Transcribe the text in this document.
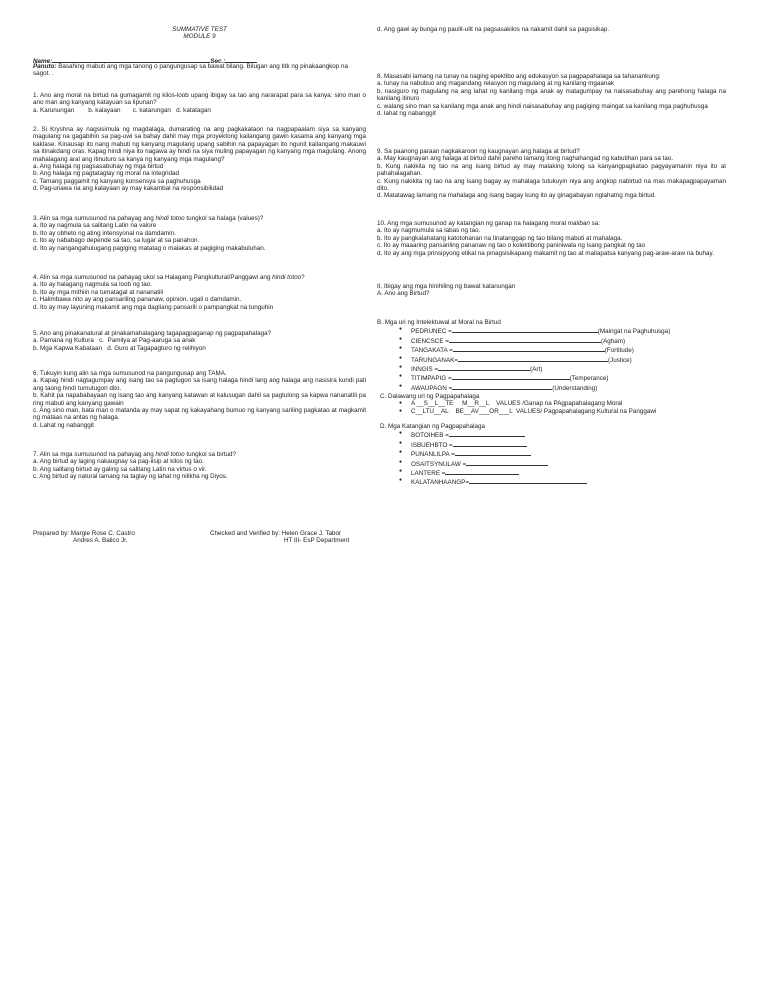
SUMMATIVE TEST
MODULE 9
Name:	Sec.:
Panuto: Basahing mabuti ang mga tanong o pangungusap sa bawat bilang. Bilugan ang titk ng pinakaangkop na sagot. .

1. Ano ang moral na birtud na gumagamit ng kilos-loob upang ibigay sa tao ang nararapat para sa kanya: sino man o ano man ang kanyang katayuan sa lipunan?

a. Karunungan        b. kalayaan       c. katarungan   d. katatagan

2. Si Kryshna ay nagsisimula ng magdalaga, dumarating na ang pagkakataon na nagpapaalam siya sa kanyang magulang na gagabihin sa pag-uwi sa bahay dahil may mga proyektong kailangang gawin kasama ang kanyang mga kaklase. Kinausap ito nang mabuti ng kanyang magulang upang sabihin na papayagan ito ngunit kailangang makauwi sa itinakdang oras. Kapag hindi niya ito nagawa ay hindi na siya muling papayagan ng kanyang mga magulang. Anong mahalagang aral ang itinuturo sa kanya ng kanyang mga magulang?

a. Ang halaga ng pagsasabuhay ng mga birtud

b. Ang halaga ng pagtataglay ng moral na integridad

c. Tamang paggamit ng kanyang konsensya sa paghuhusga

d. Pag-unawa na ang kalayaan ay may kakambal na responsibilidad

3. Alin sa mga sumusunod na pahayag ang hindi totoo tungkol sa halaga (values)?

a. Ito ay nagmula sa salitang Latin na valore

b. Ito ay obheto ng ating intensyonal na damdamin.

c. Ito ay nababago depende sa tao, sa lugar at sa panahon.

d. Ito ay nangangahulugang pagiging matatag o malakas at pagiging makabuluhan.

4. Alin sa mga sumusunod na pahayag ukol sa Halagang Pangkultural/Panggawi ang hindi totoo?

a. Ito ay halagang nagmula sa loob ng tao.

b. Ito ay mga mithiin na tumatagal at nananatili

c. Halimbawa nito ay ang pansariling pananaw, opinion, ugali o damdamin.

d. Ito ay may layuning makamit ang mga dagliang pansarili o pampangkat na tunguhin

5. Ano ang pinakanatural at pinakamahalagang tagapagpaganap ng pagpapahalaga?

a. Pamana ng Kultura   c.  Pamilya at Pag-aaruga sa anak

b. Mga Kapwa Kabataan   d. Guro at Tagapagturo ng relihiyon

6. Tukuyin kung alin sa mga sumusunod na pangungusap ang TAMA.

a. Kapag hindi nagtagumpay ang isang tao sa pagtugon sa isang halaga hindi lang ang halaga ang nasisira kundi pati ang taong hindi tumutugon dito.

b. Kahit pa napababayaan ng isang tao ang kanyang katawan at kalusugan dahil sa pagtulong sa kapwa nananatili pa ring mabuti ang kanyang gawain

c. Ang sino man, bata man o matanda ay may sapat ng kakayahang bumuo ng kanyang sariling pagkatao at magkamit ng mataas na antas ng halaga.

d. Lahat ng nabanggit

7. Alin sa mga sumusunod na pahayag ang hindi totoo tungkol sa birtud?

a. Ang birtud ay laging nakaugnay sa pag-iisip at kilos ng tao.

b. Ang salitang birtud ay galing sa salitang Latin na virtus o vir.

c. Ang birtud ay natural lamang na taglay ng lahat ng nilikha ng Diyos.

Prepared by: Margie Rose C. Castro
Andres A. Balico Jr.
Checked and Verified by: Helen Grace J. Tabor
HT III- EsP Department
d. Ang gawi ay bunga ng paulit-ulit na pagsasakilos na nakamit dahil sa pagsisikap.

8. Masasabi lamang na tunay na naging epektibo ang edukasyon sa pagpapahalaga sa tahanankung:

a. tunay na nabubuo ang magandang relasyon ng magulang at ng kanilang mgaanak

b. nasiguro ng magulang na ang lahat ng kanilang mga anak ay matagumpay na naisasabuhay ang parehong halaga na kanilang itinuro

c. walang sino man sa kanilang mga anak ang hindi naisasabuhay ang pagiging maingat sa kanilang mga paghuhusga

d. lahat ng nabanggit

9. Sa paanong paraan nagkakaroon ng kaugnayan ang halaga at birtud?

a. May kaugnayan ang halaga at birtud dahil pareho lamang itong naghahangad ng kabutihan para sa tao.

b. Kung nakikita ng tao na ang isang birtud ay may malaking tulong sa kanyangpagkatao pagyayamanin niya ito at pahahalagahan.

c. Kung nakikita ng tao na ang isang bagay ay mahalaga tutukuyin niya ang angkop nabirtud na mas makapagpapayaman dito.

d. Matatawag lamang na mahalaga ang isang bagay kung ito ay ginagabayan nglahatng mga birtud.

10. Ang mga sumusunod ay katangian ng ganap na halagang moral maliban sa:

a. Ito ay nagmumula sa labas ng tao.

b. Ito ay pangkalahatang katotohanan na tinatanggap ng tao bilang mabuti at mahalaga.

c. Ito ay maaaring pansariling pananaw ng tao o kolektibong paniniwala ng isang pangkat ng tao

d. Ito ay ang mga prinsipyong etikal na pinagsisikapang makamit ng tao at mailapatsa kanyang pag-araw-araw na buhay.

II. Ibigay ang mga hinihiling ng bawat katanungan
A. Ano ang Birtud?
B. Mga uri ng Intelektuwal at Moral na Birtud
● PEDRUNEC =	(Maingat na Paghuhusga)
● CIENCSCE =	(Agham)
● TANGAKATA =	(Fortitude)
● TARUNGANAK=	(Justice)
● INNGIS =	(Art)
● TITIMPAPIG =	(Temperance)
● AWAUPAGN =	(Understanding)
C. Dalawang uri ng Pagpapahalaga
● A __S__L__TE     M__R__L    VALUES /Ganap na PAgpapahalagang Moral
● C__LTU__AL    BE__AV___OR___L  VALUES/ Pagpapahalagang Kultural na Panggawi
D. Mga Katangian ng Pagpapahalaga
● BOTOIHEB =
● ISBUEHBTO =
● PUNANLILPA =
● OSAITSYNULAW =
● LANTERE =
● KALATANHAANGP=
